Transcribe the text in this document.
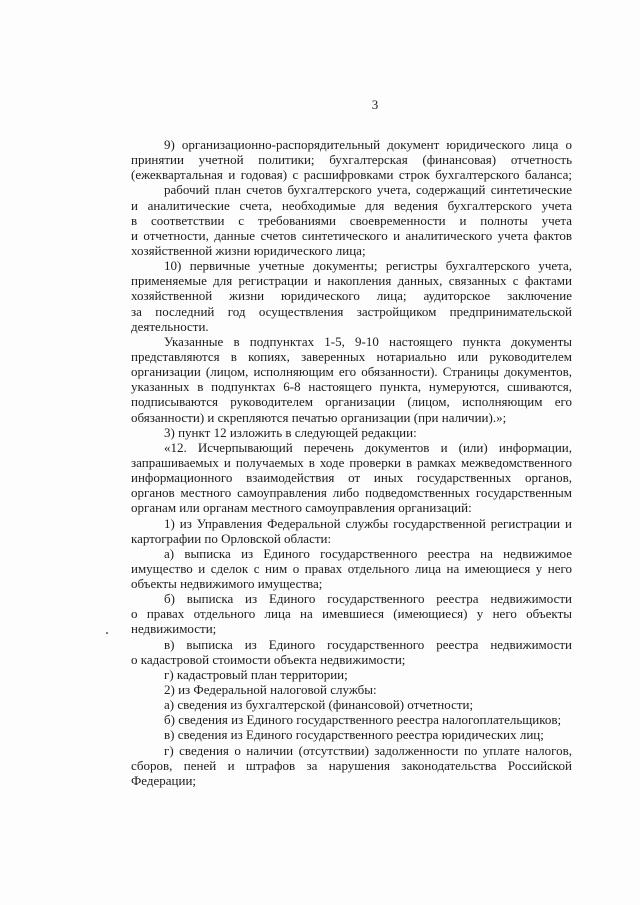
3
9) организационно-распорядительный документ юридического лица о
принятии учетной политики; бухгалтерская (финансовая) отчетность
(ежеквартальная и годовая) с расшифровками строк бухгалтерского баланса;
рабочий план счетов бухгалтерского учета, содержащий синтетические
и аналитические счета, необходимые для ведения бухгалтерского учета
в соответствии с требованиями своевременности и полноты учета
и отчетности, данные счетов синтетического и аналитического учета фактов
хозяйственной жизни юридического лица;
10) первичные учетные документы; регистры бухгалтерского учета,
применяемые для регистрации и накопления данных, связанных с фактами
хозяйственной жизни юридического лица; аудиторское заключение
за последний год осуществления застройщиком предпринимательской
деятельности.
Указанные в подпунктах 1-5, 9-10 настоящего пункта документы
представляются в копиях, заверенных нотариально или руководителем
организации (лицом, исполняющим его обязанности). Страницы документов,
указанных в подпунктах 6-8 настоящего пункта, нумеруются, сшиваются,
подписываются руководителем организации (лицом, исполняющим его
обязанности) и скрепляются печатью организации (при наличии).»;
3) пункт 12 изложить в следующей редакции:
«12. Исчерпывающий перечень документов и (или) информации,
запрашиваемых и получаемых в ходе проверки в рамках межведомственного
информационного взаимодействия от иных государственных органов,
органов местного самоуправления либо подведомственных государственным
органам или органам местного самоуправления организаций:
1) из Управления Федеральной службы государственной регистрации и
картографии по Орловской области:
а) выписка из Единого государственного реестра на недвижимое
имущество и сделок с ним о правах отдельного лица на имеющиеся у него
объекты недвижимого имущества;
б) выписка из Единого государственного реестра недвижимости
о правах отдельного лица на имевшиеся (имеющиеся) у него объекты
недвижимости;
в) выписка из Единого государственного реестра недвижимости
о кадастровой стоимости объекта недвижимости;
г) кадастровый план территории;
2) из Федеральной налоговой службы:
а) сведения из бухгалтерской (финансовой) отчетности;
б) сведения из Единого государственного реестра налогоплательщиков;
в) сведения из Единого государственного реестра юридических лиц;
г) сведения о наличии (отсутствии) задолженности по уплате налогов,
сборов, пеней и штрафов за нарушения законодательства Российской
Федерации;
